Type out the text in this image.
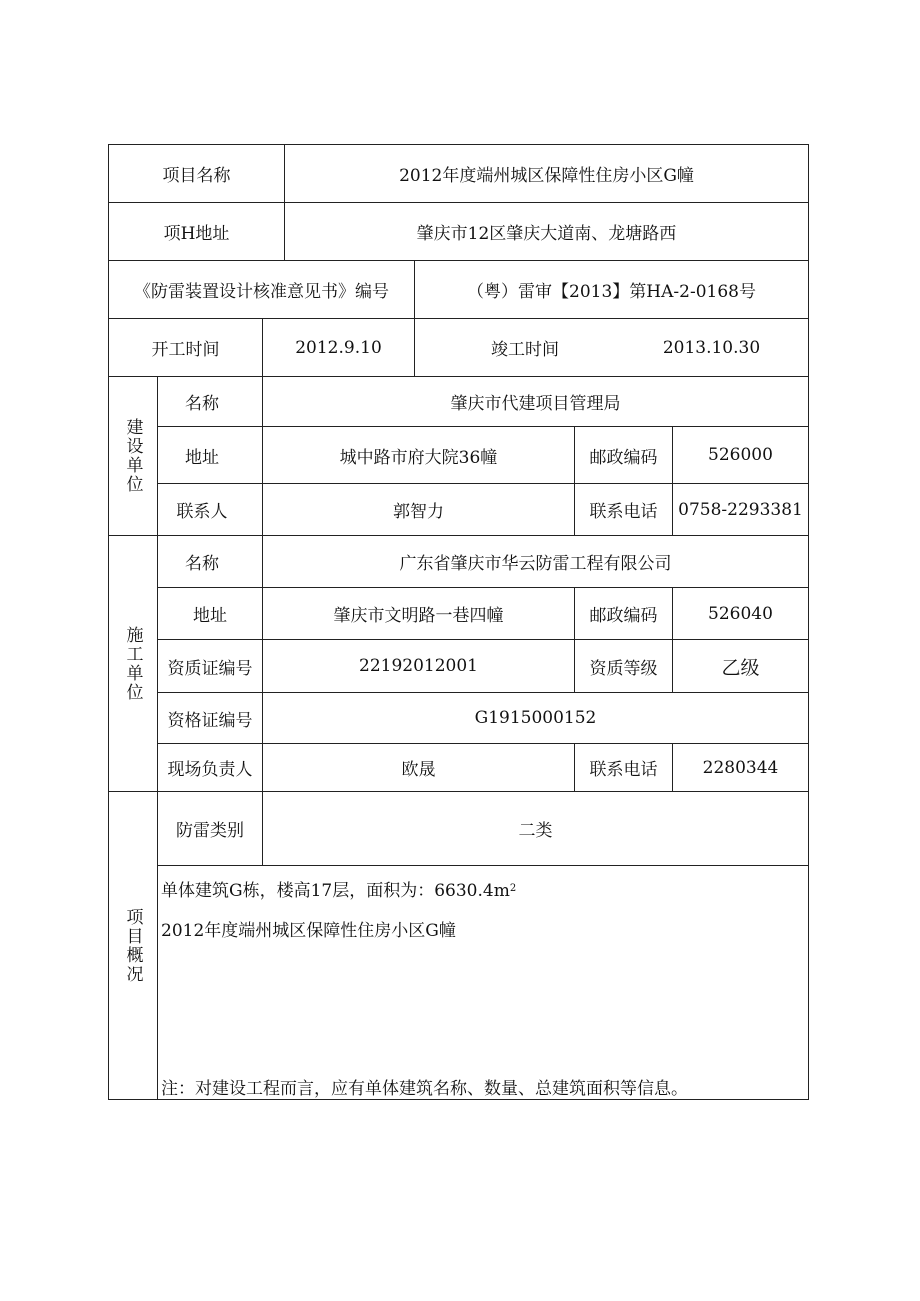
项目名称	2012年度端州城区保障性住房小区G幢
项H地址	肇庆市12区肇庆大道南、龙塘路西
《防雷装置设计核准意见书》编号	（粤）雷审【2013】第HA-2-0168号
开工时间	2012.9.10	竣工时间	2013.10.30
建设单位
名称	肇庆市代建项目管理局
地址	城中路市府大院36幢	邮政编码	526000
联系人	郭智力	联系电话	0758-2293381
施工单位
名称	广东省肇庆市华云防雷工程有限公司
地址	肇庆市文明路一巷四幢	邮政编码	526040
资质证编号	22192012001	资质等级	乙级
资格证编号	G1915000152
现场负责人	欧晟	联系电话	2280344
项目概况
防雷类别	二类
单体建筑G栋，楼高17层，面积为：6630.4m 2
2012年度端州城区保障性住房小区G幢
注：对建设工程而言，应有单体建筑名称、数量、总建筑面积等信息。
